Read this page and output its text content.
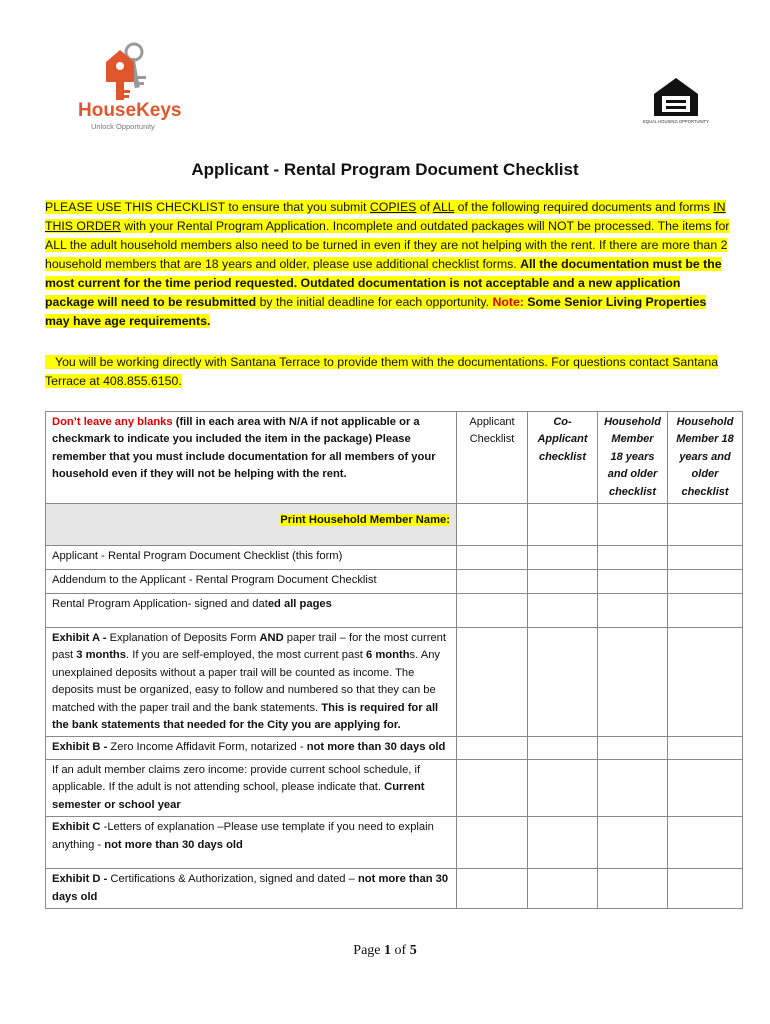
HouseKeys
Unlock Opportunity
EQUAL HOUSING OPPORTUNITY
Applicant - Rental Program Document Checklist
PLEASE USE THIS CHECKLIST to ensure that you submit COPIES of ALL of the following required documents and forms IN THIS ORDER with your Rental Program Application. Incomplete and outdated packages will NOT be processed. The items for ALL the adult household members also need to be turned in even if they are not helping with the rent. If there are more than 2 household members that are 18 years and older, please use additional checklist forms. All the documentation must be the most current for the time period requested. Outdated documentation is not acceptable and a new application package will need to be resubmitted by the initial deadline for each opportunity. Note: Some Senior Living Properties may have age requirements.
You will be working directly with Santana Terrace to provide them with the documentations. For questions contact Santana Terrace at 408.855.6150.
Don’t leave any blanks (fill in each area with N/A if not applicable or a checkmark to indicate you included the item in the package) Please remember that you must include documentation for all members of your household even if they will not be helping with the rent.	Applicant Checklist	Co-Applicant checklist	Household Member 18 years and older checklist	Household Member 18 years and older checklist
Print Household Member Name:				
Applicant - Rental Program Document Checklist (this form)				
Addendum to the Applicant - Rental Program Document Checklist				
Rental Program Application- signed and dated all pages				
Exhibit A - Explanation of Deposits Form AND paper trail – for the most current past 3 months. If you are self-employed, the most current past 6 months. Any unexplained deposits without a paper trail will be counted as income. The deposits must be organized, easy to follow and numbered so that they can be matched with the paper trail and the bank statements. This is required for all the bank statements that needed for the City you are applying for.				
Exhibit B - Zero Income Affidavit Form, notarized - not more than 30 days old				
If an adult member claims zero income: provide current school schedule, if applicable. If the adult is not attending school, please indicate that. Current semester or school year				
Exhibit C -Letters of explanation –Please use template if you need to explain anything - not more than 30 days old				
Exhibit D - Certifications & Authorization, signed and dated – not more than 30 days old				
Page 1 of 5
